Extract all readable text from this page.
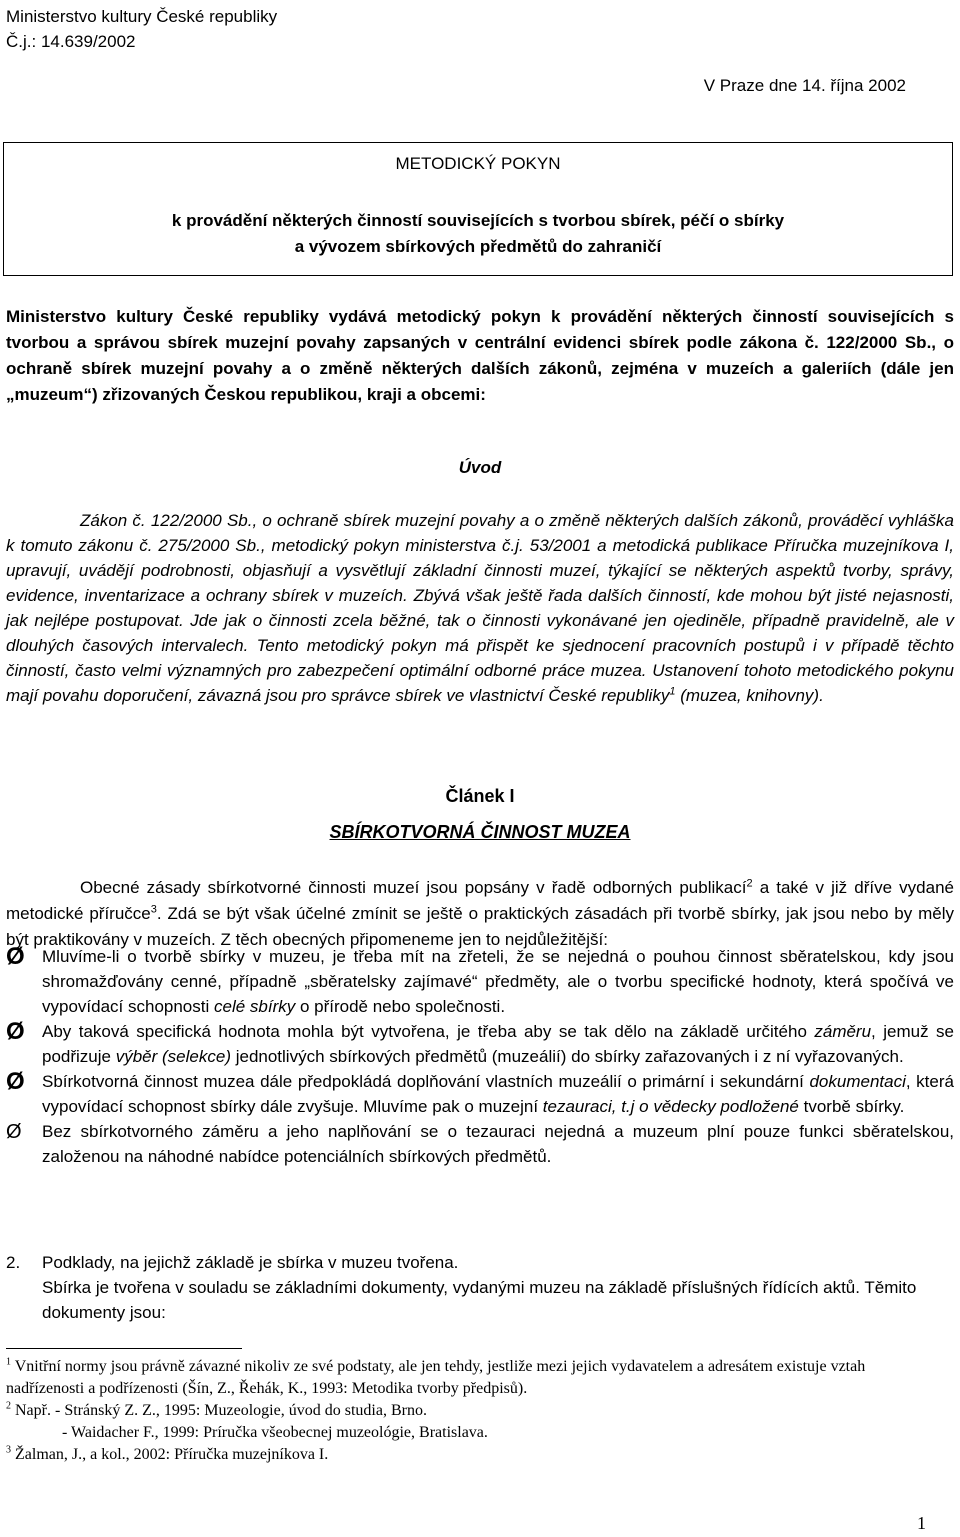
Ministerstvo kultury České republiky
Č.j.: 14.639/2002
V Praze dne 14. října 2002
METODICKÝ POKYN
k provádění některých činností souvisejících s tvorbou sbírek, péčí o sbírky
a vývozem sbírkových předmětů do zahraničí
Ministerstvo kultury České republiky vydává metodický pokyn k provádění některých činností souvisejících s tvorbou a správou sbírek muzejní povahy zapsaných v centrální evidenci sbírek podle zákona č. 122/2000 Sb., o ochraně sbírek muzejní povahy a o změně některých dalších zákonů, zejména v muzeích a galeriích (dále jen „muzeum“) zřizovaných Českou republikou, kraji a obcemi:
Úvod
Zákon č. 122/2000 Sb., o ochraně sbírek muzejní povahy a o změně některých dalších zákonů, prováděcí vyhláška k tomuto zákonu č. 275/2000 Sb., metodický pokyn ministerstva č.j. 53/2001 a metodická publikace Příručka muzejníkova I, upravují, uvádějí podrobnosti, objasňují a vysvětlují základní činnosti muzeí, týkající se některých aspektů tvorby, správy, evidence, inventarizace a ochrany sbírek v muzeích. Zbývá však ještě řada dalších činností, kde mohou být jisté nejasnosti, jak nejlépe postupovat. Jde jak o činnosti zcela běžné, tak o činnosti vykonávané jen ojediněle, případně pravidelně, ale v dlouhých časových intervalech. Tento metodický pokyn má přispět ke sjednocení pracovních postupů i v případě těchto činností, často velmi významných pro zabezpečení optimální odborné práce muzea. Ustanovení tohoto metodického pokynu mají povahu doporučení, závazná jsou pro správce sbírek ve vlastnictví České republiky$^1$ (muzea, knihovny).
Článek I
SBÍRKOTVORNÁ ČINNOST MUZEA
Obecné zásady sbírkotvorné činnosti muzeí jsou popsány v řadě odborných publikací$^2$ a také v již dříve vydané metodické příručce$^3$. Zdá se být však účelné zmínit se ještě o praktických zásadách při tvorbě sbírky, jak jsou nebo by měly být praktikovány v muzeích. Z těch obecných připomeneme jen to nejdůležitější:
Ø	Mluvíme-li o tvorbě sbírky v muzeu, je třeba mít na zřeteli, že se nejedná o pouhou činnost sběratelskou, kdy jsou shromažďovány cenné, případně „sběratelsky zajímavé“ předměty, ale o tvorbu specifické hodnoty, která spočívá ve vypovídací schopnosti celé sbírky o přírodě nebo společnosti.
Ø	Aby taková specifická hodnota mohla být vytvořena, je třeba aby se tak dělo na základě určitého záměru, jemuž se podřizuje výběr (selekce) jednotlivých sbírkových předmětů (muzeálií) do sbírky zařazovaných i z ní vyřazovaných.
Ø	Sbírkotvorná činnost muzea dále předpokládá doplňování vlastních muzeálií o primární i sekundární dokumentaci, která vypovídací schopnost sbírky dále zvyšuje. Mluvíme pak o muzejní tezauraci, t.j o vědecky podložené tvorbě sbírky.
Ø	Bez sbírkotvorného záměru a jeho naplňování se o tezauraci nejedná a muzeum plní pouze funkci sběratelskou, založenou na náhodné nabídce potenciálních sbírkových předmětů.
2.	Podklady, na jejichž základě je sbírka v muzeu tvořena.
Sbírka je tvořena v souladu se základními dokumenty, vydanými muzeu na základě příslušných řídících aktů. Těmito dokumenty jsou:

$^1$ Vnitřní normy jsou právně závazné nikoliv ze své podstaty, ale jen tehdy, jestliže mezi jejich vydavatelem a adresátem existuje vztah nadřízenosti a podřízenosti (Šín, Z., Řehák, K., 1993: Metodika tvorby předpisů).

$^2$ Např. - Stránský Z. Z., 1995: Muzeologie, úvod do studia, Brno.

- Waidacher F., 1999: Príručka všeobecnej muzeológie, Bratislava.

$^3$ Žalman, J., a kol., 2002: Příručka muzejníkova I.

1
